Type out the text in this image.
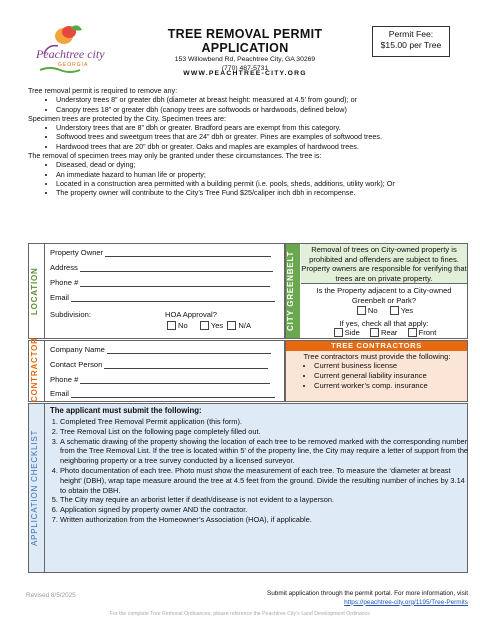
Peachtree city
GEORGIA
TREE REMOVAL PERMIT
APPLICATION
153 Willowbend Rd, Peachtree City, GA 30269
(770) 487-5731
WWW.PEACHTREE-CITY.ORG
Permit Fee:
$15.00 per Tree

Tree removal permit is required to remove any:

• Understory trees 8” or greater dbh (diameter at breast height: measured at 4.5’ from gound); or
• Canopy trees 18” or greater dbh (canopy trees are softwoods or hardwoods, defined below)

Specimen trees are protected by the City. Specimen trees are:

• Understory trees that are 8” dbh or greater. Bradford pears are exempt from this category.
• Softwood trees and sweetgum trees that are 24” dbh or greater. Pines are examples of softwood trees.
• Hardwood trees that are 20” dbh or greater. Oaks and maples are examples of hardwood trees.

The removal of specimen trees may only be granted under these circumstances. The tree is:

• Diseased, dead or dying;
• An immediate hazard to human life or property;
• Located in a construction area permitted with a building permit (i.e. pools, sheds, additions, utility work); Or
• The property owner will contribute to the City’s Tree Fund $25/caliper inch dbh in recompense.
LOCATION
Property Owner
Address
Phone #
Email
Subdivision:	HOA Approval?
No	Yes N/A	CITY GREENBELT
Removal of trees on City-owned property is prohibited and offenders are subject to fines. Property owners are responsible for verifying that trees are on private property.
Is the Property adjacent to a City-owned Greenbelt or Park?
No	Yes
If yes, check all that apply:
Side	Rear	Front
CONTRACTOR	Company Name
Contact Person
Phone #
Email
TREE CONTRACTORS
Tree contractors must provide the following:
• Current business license
• Current general liability insurance
• Current worker’s comp. insurance
APPLICATION CHECKLIST
The applicant must submit the following:
1. Completed Tree Removal Permit application (this form).
2. Tree Removal List on the following page completely filled out.
3. A schematic drawing of the property showing the location of each tree to be removed marked with the corresponding number from the Tree Removal List. If the tree is located within 5’ of the property line, the City may require a letter of support from the neighboring property or a tree survey conducted by a licensed surveyor.
4. Photo documentation of each tree. Photo must show the measurement of each tree. To measure the ‘diameter at breast height’ (DBH), wrap tape measure around the tree at 4.5 feet from the ground. Divide the resulting number of inches by 3.14 to obtain the DBH.
5. The City may require an arborist letter if death/disease is not evident to a layperson.
6. Application signed by property owner AND the contractor.
7. Written authorization from the Homeowner’s Association (HOA), if applicable.
Revised 8/5/2025	Submit application through the permit portal. For more information, visit
https://peachtree-city.org/1195/Tree-Permits
For the complete Tree Removal Ordinances, please reference the Peachtree City’s Land Development Ordinance
